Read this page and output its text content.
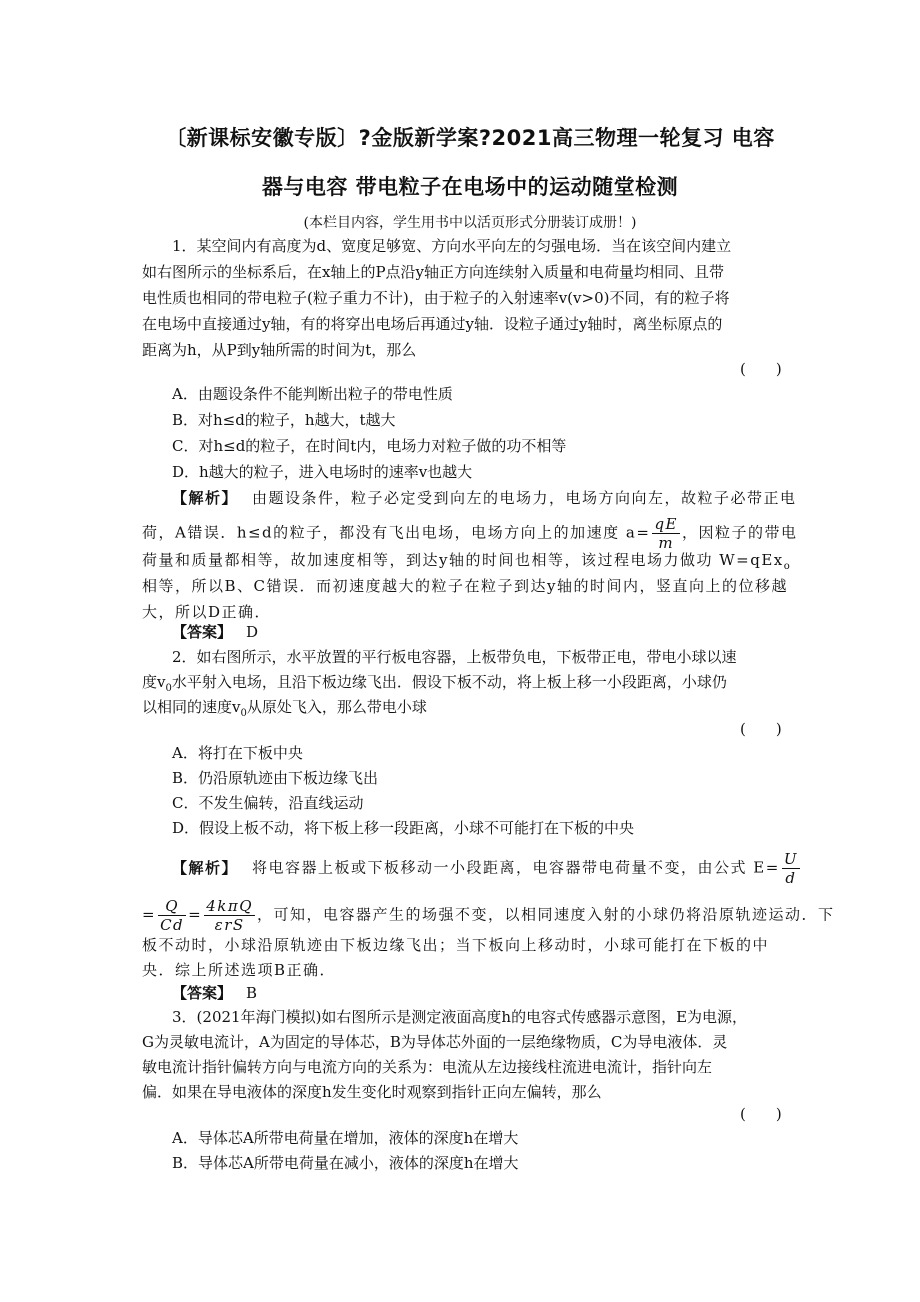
〔新课标安徽专版〕?金版新学案?2021高三物理一轮复习 电容
器与电容 带电粒子在电场中的运动随堂检测
(本栏目内容，学生用书中以活页形式分册装订成册！)
1．某空间内有高度为d、宽度足够宽、方向水平向左的匀强电场．当在该空间内建立
如右图所示的坐标系后，在x轴上的P点沿y轴正方向连续射入质量和电荷量均相同、且带
电性质也相同的带电粒子(粒子重力不计)，由于粒子的入射速率v(v>0)不同，有的粒子将
在电场中直接通过y轴，有的将穿出电场后再通过y轴．设粒子通过y轴时，离坐标原点的
距离为h，从P到y轴所需的时间为t，那么
(　　)
A．由题设条件不能判断出粒子的带电性质
B．对h≤d的粒子，h越大，t越大
C．对h≤d的粒子，在时间t内，电场力对粒子做的功不相等
D．h越大的粒子，进入电场时的速率v也越大
【解析】 由题设条件，粒子必定受到向左的电场力，电场方向向左，故粒子必带正电
荷，A错误．h≤d的粒子，都没有飞出电场，电场方向上的加速度 $a= \frac{qE}{m}$ ，因粒子的带电
荷量和质量都相等，故加速度相等，到达y轴的时间也相等，该过程电场力做功 W=qEx$_o$
相等，所以B、C错误．而初速度越大的粒子在粒子到达y轴的时间内，竖直向上的位移越
大，所以D正确．
【答案】 D
2．如右图所示，水平放置的平行板电容器，上板带负电，下板带正电，带电小球以速
度$v_0$水平射入电场，且沿下板边缘飞出．假设下板不动，将上板上移一小段距离，小球仍
以相同的速度$v_0$从原处飞入，那么带电小球
(　　)
A．将打在下板中央
B．仍沿原轨迹由下板边缘飞出
C．不发生偏转，沿直线运动
D．假设上板不动，将下板上移一段距离，小球不可能打在下板的中央
【解析】 将电容器上板或下板移动一小段距离，电容器带电荷量不变，由公式 $E= \frac{U}{d}$
= $\frac{Q}{Cd} = \frac{\text{4kπQ}}{\text{εrS}}$ ，可知，电容器产生的场强不变，以相同速度入射的小球仍将沿原轨迹运动．下
板不动时，小球沿原轨迹由下板边缘飞出；当下板向上移动时，小球可能打在下板的中
央．综上所述选项B正确．
【答案】 B
3．(2021年海门模拟)如右图所示是测定液面高度h的电容式传感器示意图，E为电源，
G为灵敏电流计，A为固定的导体芯，B为导体芯外面的一层绝缘物质，C为导电液体．灵
敏电流计指针偏转方向与电流方向的关系为：电流从左边接线柱流进电流计，指针向左
偏．如果在导电液体的深度h发生变化时观察到指针正向左偏转，那么
(　　)
A．导体芯A所带电荷量在增加，液体的深度h在增大
B．导体芯A所带电荷量在减小，液体的深度h在增大
